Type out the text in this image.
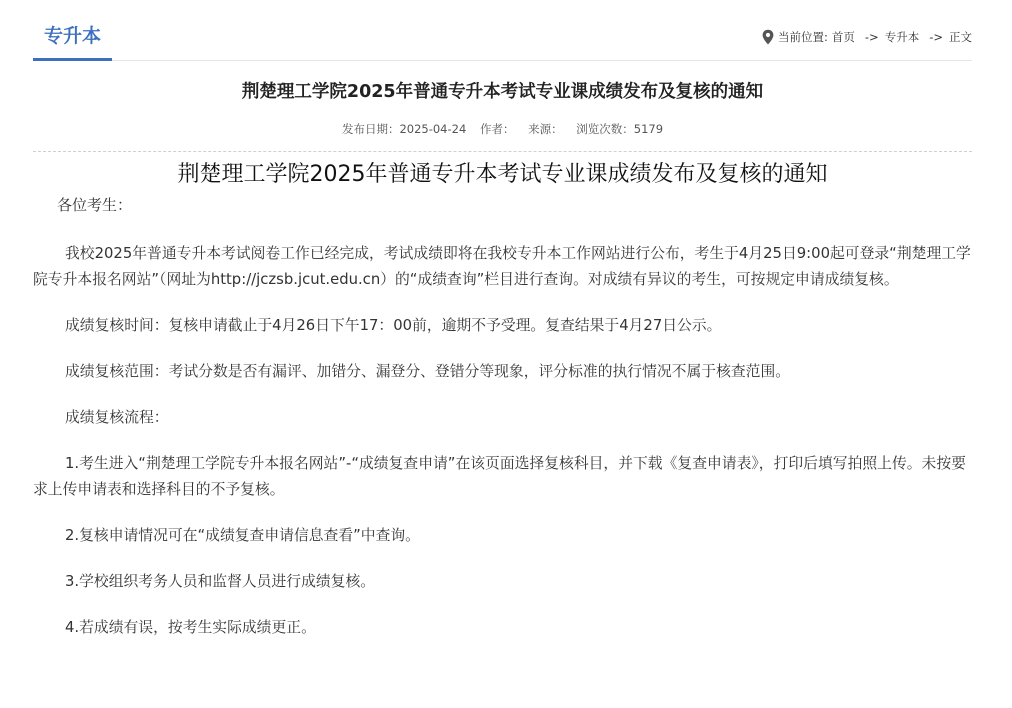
专升本	当前位置: 首页 -> 专升本 -> 正文
荆楚理工学院2025年普通专升本考试专业课成绩发布及复核的通知
发布日期：2025-04-24 作者： 来源： 浏览次数：5179
荆楚理工学院2025年普通专升本考试专业课成绩发布及复核的通知
各位考生：

我校2025年普通专升本考试阅卷工作已经完成，考试成绩即将在我校专升本工作网站进行公布，考生于4月25日9:00起可登录“荆楚理工学院专升本报名网站”（网址为http://jczsb.jcut.edu.cn）的“成绩查询”栏目进行查询。对成绩有异议的考生，可按规定申请成绩复核。

成绩复核时间：复核申请截止于4月26日下午17：00前，逾期不予受理。复查结果于4月27日公示。

成绩复核范围：考试分数是否有漏评、加错分、漏登分、登错分等现象，评分标准的执行情况不属于核查范围。

成绩复核流程：

1.考生进入“荆楚理工学院专升本报名网站”-“成绩复查申请”在该页面选择复核科目，并下载《复查申请表》，打印后填写拍照上传。未按要求上传申请表和选择科目的不予复核。

2.复核申请情况可在“成绩复查申请信息查看”中查询。

3.学校组织考务人员和监督人员进行成绩复核。

4.若成绩有误，按考生实际成绩更正。
